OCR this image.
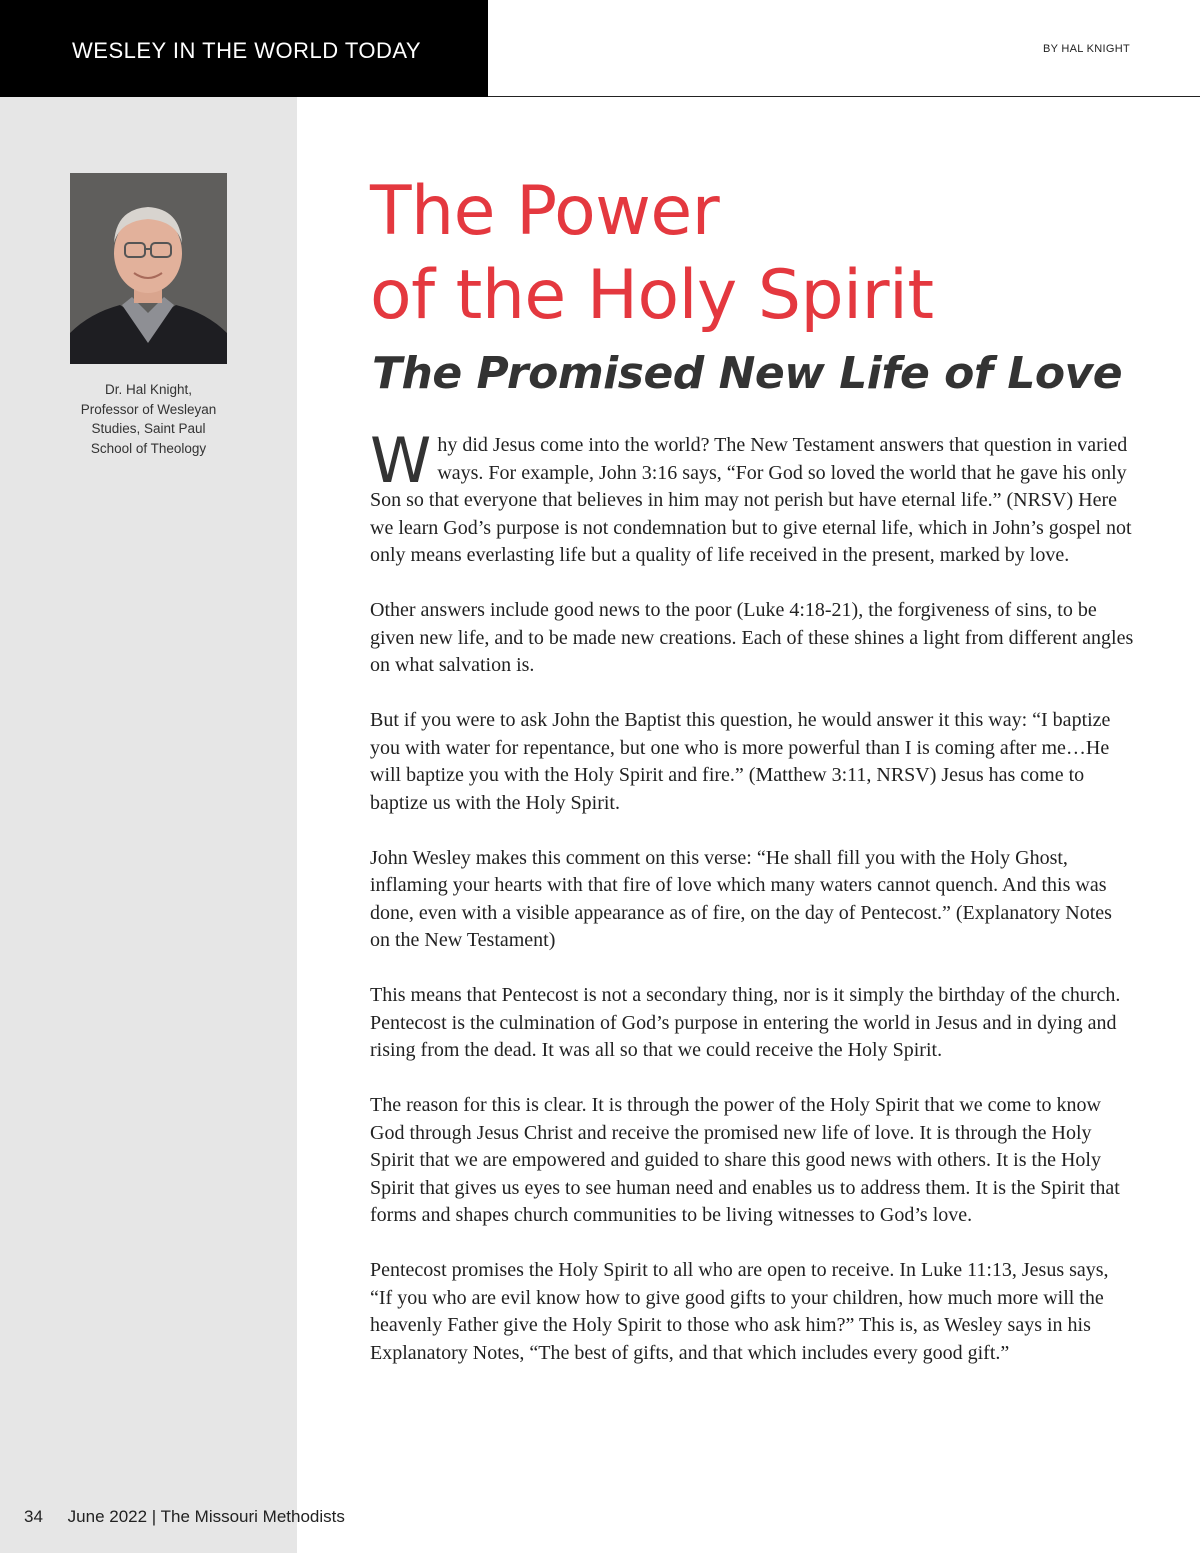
WESLEY IN THE WORLD TODAY	BY HAL KNIGHT
Dr. Hal Knight,
Professor of Wesleyan
Studies, Saint Paul
School of Theology
The Power
of the Holy Spirit
The Promised New Life of Love

W hy did Jesus come into the world? The New Testament answers that question in varied ways. For example, John 3:16 says, “For God so loved the world that he gave his only Son so that everyone that believes in him may not perish but have eternal life.” (NRSV) Here we learn God’s purpose is not condemnation but to give eternal life, which in John’s gospel not only means everlasting life but a quality of life received in the present, marked by love.

Other answers include good news to the poor (Luke 4:18-21), the forgiveness of sins, to be given new life, and to be made new creations. Each of these shines a light from different angles on what salvation is.

But if you were to ask John the Baptist this question, he would answer it this way: “I baptize you with water for repentance, but one who is more powerful than I is coming after me…He will baptize you with the Holy Spirit and fire.” (Matthew 3:11, NRSV) Jesus has come to baptize us with the Holy Spirit.

John Wesley makes this comment on this verse: “He shall fill you with the Holy Ghost, inflaming your hearts with that fire of love which many waters cannot quench. And this was done, even with a visible appearance as of fire, on the day of Pentecost.” (Explanatory Notes on the New Testament)

This means that Pentecost is not a secondary thing, nor is it simply the birthday of the church. Pentecost is the culmination of God’s purpose in entering the world in Jesus and in dying and rising from the dead. It was all so that we could receive the Holy Spirit.

The reason for this is clear. It is through the power of the Holy Spirit that we come to know God through Jesus Christ and receive the promised new life of love. It is through the Holy Spirit that we are empowered and guided to share this good news with others. It is the Holy Spirit that gives us eyes to see human need and enables us to address them. It is the Spirit that forms and shapes church communities to be living witnesses to God’s love.

Pentecost promises the Holy Spirit to all who are open to receive. In Luke 11:13, Jesus says, “If you who are evil know how to give good gifts to your children, how much more will the heavenly Father give the Holy Spirit to those who ask him?” This is, as Wesley says in his Explanatory Notes, “The best of gifts, and that which includes every good gift.”

34 June 2022 | The Missouri Methodists
